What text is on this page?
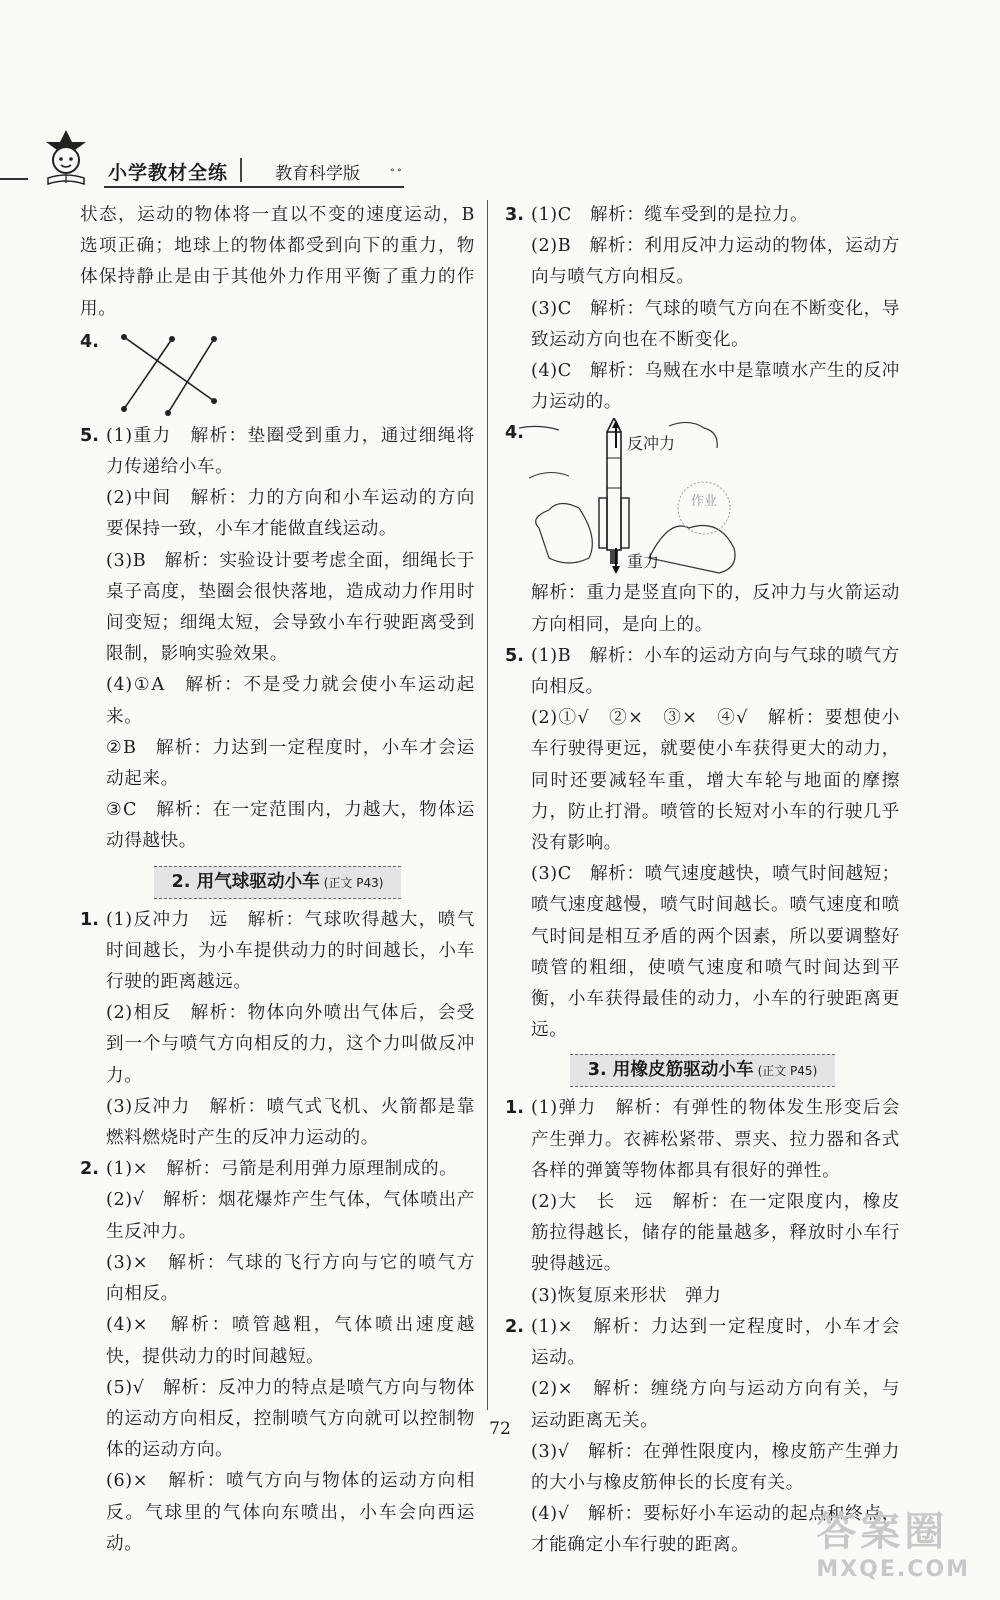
小学教材全练	教育科学版	∘∘

状态，运动的物体将一直以不变的速度运动，B选项正确；地球上的物体都受到向下的重力，物体保持静止是由于其他外力作用平衡了重力的作用。

4.
5. (1)重力　解析：垫圈受到重力，通过细绳将力传递给小车。

(2)中间　解析：力的方向和小车运动的方向要保持一致，小车才能做直线运动。

(3)B　解析：实验设计要考虑全面，细绳长于桌子高度，垫圈会很快落地，造成动力作用时间变短；细绳太短，会导致小车行驶距离受到限制，影响实验效果。

(4)①A　解析：不是受力就会使小车运动起来。

②B　解析：力达到一定程度时，小车才会运动起来。

③C　解析：在一定范围内，力越大，物体运动得越快。

2. 用气球驱动小车 (正文 P43)
1. (1)反冲力　远　解析：气球吹得越大，喷气时间越长，为小车提供动力的时间越长，小车行驶的距离越远。

(2)相反　解析：物体向外喷出气体后，会受到一个与喷气方向相反的力，这个力叫做反冲力。

(3)反冲力　解析：喷气式飞机、火箭都是靠燃料燃烧时产生的反冲力运动的。

2. (1)×　解析：弓箭是利用弹力原理制成的。

(2)√　解析：烟花爆炸产生气体，气体喷出产生反冲力。

(3)×　解析：气球的飞行方向与它的喷气方向相反。

(4)×　解析：喷管越粗，气体喷出速度越快，提供动力的时间越短。

(5)√　解析：反冲力的特点是喷气方向与物体的运动方向相反，控制喷气方向就可以控制物体的运动方向。

(6)×　解析：喷气方向与物体的运动方向相反。气球里的气体向东喷出，小车会向西运动。

3. (1)C　解析：缆车受到的是拉力。

(2)B　解析：利用反冲力运动的物体，运动方向与喷气方向相反。

(3)C　解析：气球的喷气方向在不断变化，导致运动方向也在不断变化。

(4)C　解析：乌贼在水中是靠喷水产生的反冲力运动的。

4.
反冲力
重力
作业

解析：重力是竖直向下的，反冲力与火箭运动方向相同，是向上的。

5. (1)B　解析：小车的运动方向与气球的喷气方向相反。

(2)①√　②×　③×　④√　解析：要想使小车行驶得更远，就要使小车获得更大的动力，同时还要减轻车重，增大车轮与地面的摩擦力，防止打滑。喷管的长短对小车的行驶几乎没有影响。

(3)C　解析：喷气速度越快，喷气时间越短；喷气速度越慢，喷气时间越长。喷气速度和喷气时间是相互矛盾的两个因素，所以要调整好喷管的粗细，使喷气速度和喷气时间达到平衡，小车获得最佳的动力，小车的行驶距离更远。

3. 用橡皮筋驱动小车 (正文 P45)
1. (1)弹力　解析：有弹性的物体发生形变后会产生弹力。衣裤松紧带、票夹、拉力器和各式各样的弹簧等物体都具有很好的弹性。

(2)大　长　远　解析：在一定限度内，橡皮筋拉得越长，储存的能量越多，释放时小车行驶得越远。

(3)恢复原来形状　弹力

2. (1)×　解析：力达到一定程度时，小车才会运动。

(2)×　解析：缠绕方向与运动方向有关，与运动距离无关。

(3)√　解析：在弹性限度内，橡皮筋产生弹力的大小与橡皮筋伸长的长度有关。

(4)√　解析：要标好小车运动的起点和终点，才能确定小车行驶的距离。

72
答案圈
MXQE.COM
